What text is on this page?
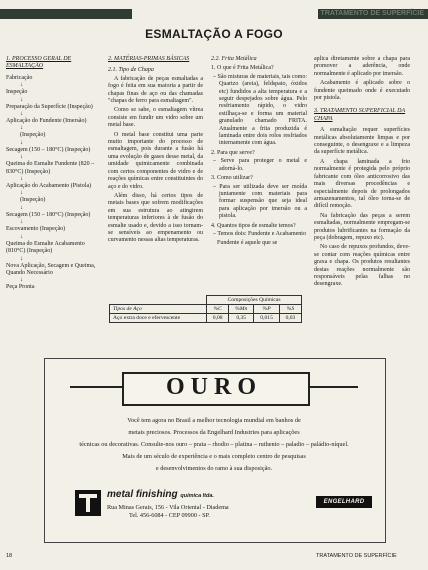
TRATAMENTO DE SUPERFÍCIE
ESMALTAÇÃO A FOGO
1. PROCESSO GERAL DE ESMALTAÇÃO
Fabricação
↓
Inspeção
↓
Preparação da Superfície (Inspeção)
↓
Aplicação do Fundente (Imersão)
↓
(Inspeção)
↓
Secagem (150 – 180°C) (Inspeção)
↓
Queima do Esmalte Fundente (820 – 830°C) (Inspeção)
↓
Aplicação do Acabamento (Pistola)
↓
(Inspeção)
↓
Secagem (150 – 180°C) (Inspeção)
↓
Escovamento (Inspeção)
↓
Queima do Esmalte Acabamento (810°C) (Inspeção)
↓
Nova Aplicação, Secagem e Queima, Quando Necessário
↓
Peça Pronta
2. MATÉRIAS-PRIMAS BÁSICAS
2.1. Tipo de Chapa

A fabricação de peças esmaltadas a fogo é feita em sua maioria a partir de chapas finas de aço ou das chamadas "chapas de ferro para esmaltagem".

Como se sabe, o esmaltagem vítrea consiste em fundir um vidro sobre um metal base.

O metal base constitui uma parte muito importante do processo de esmaltagem, pois durante a fusão há uma evolução de gases desse metal, da umidade quimicamente combinada com certos componentes de vidro e de reações químicas entre constituintes do aço e do vidro.

Além disso, há certos tipos de metais bases que sofrem modificações em sua estrutura ao atingirem temperaturas inferiores à de fusão do esmalte usado e, devido a isso tornam-se sensíveis ao empenamento ou curvamento nessas altas temperaturas.

2.2. Frita Metálica
1. O que é Frita Metálica?

– São misturas de materiais, tais como: Quartzo (areia), feldspato, óxidos etc) fundidos a alta temperatura e a seguir despejados sobre água. Pelo resfriamento rápido, o vidro estilhaça-se e forma um material granulado chamado FRITA. Atualmente a frita produzida é laminada entre dois rolos resfriados internamente com água.

2. Para que serve?

– Serve para proteger o metal e adorná-lo.

3. Como utilizar?

– Para ser utilizada deve ser moída juntamente com materiais para formar suspensão que seja ideal para aplicação por imersão ou a pistola.

4. Quantos tipos de esmalte temos?

– Temos dois: Fundente e Acabamento

Fundente é aquele que se

aplica diretamente sobre a chapa para promover a aderência, onde normalmente é aplicado por imersão.

Acabamento é aplicado sobre o fundente queimado onde é executado por pistola.

3. TRATAMENTO SUPERFICIAL DA CHAPA

A esmaltação requer superfícies metálicas absolutamente limpas e por conseguinte, o desengraxe e a limpeza da superfície metálica.

A chapa laminada a frio normalmente é protegida pelo próprio fabricante com óleo anticorrosivo das mais diversas procedências e especialmente depois de prolongados armazenamentos, tal óleo torna-se de difícil remoção.

Na fabricação das peças a serem esmaltadas, normalmente empregam-se produtos lubrificantes na formação da peça (dobragem, repuxo etc).

No caso de repuxos profundos, deve-se contar com reações químicas entre graxa e chapa. Os produtos resultantes destas reações normalmente são responsáveis pelas falhas no desengraxe.

	Composições Químicas			
Tipos de Aço	%C	%Mn	%P	%S
Aço extra doce e efervescente	0,08	0,35	0,015	0,03
OURO
Você tem agora no Brasil a melhor tecnologia mundial em banhos de
metais preciosos. Processos da Engelhard Industries para aplicações
técnicas ou decorativas. Consulte-nos ouro – prata – rhodio – platina – ruthenio – paladio – paládio-níquel.
Mais de um século de experiência e o mais completo centro de pesquisas
e desenvolvimentos do ramo à sua disposição.
metal finishing química ltda.
Rua Minas Gerais, 156 - Vila Oriental - Diadema
Tel. 456-6084 - CEP 09900 - SP.
ENGELHARD
18	TRATAMENTO DE SUPERFÍCIE
